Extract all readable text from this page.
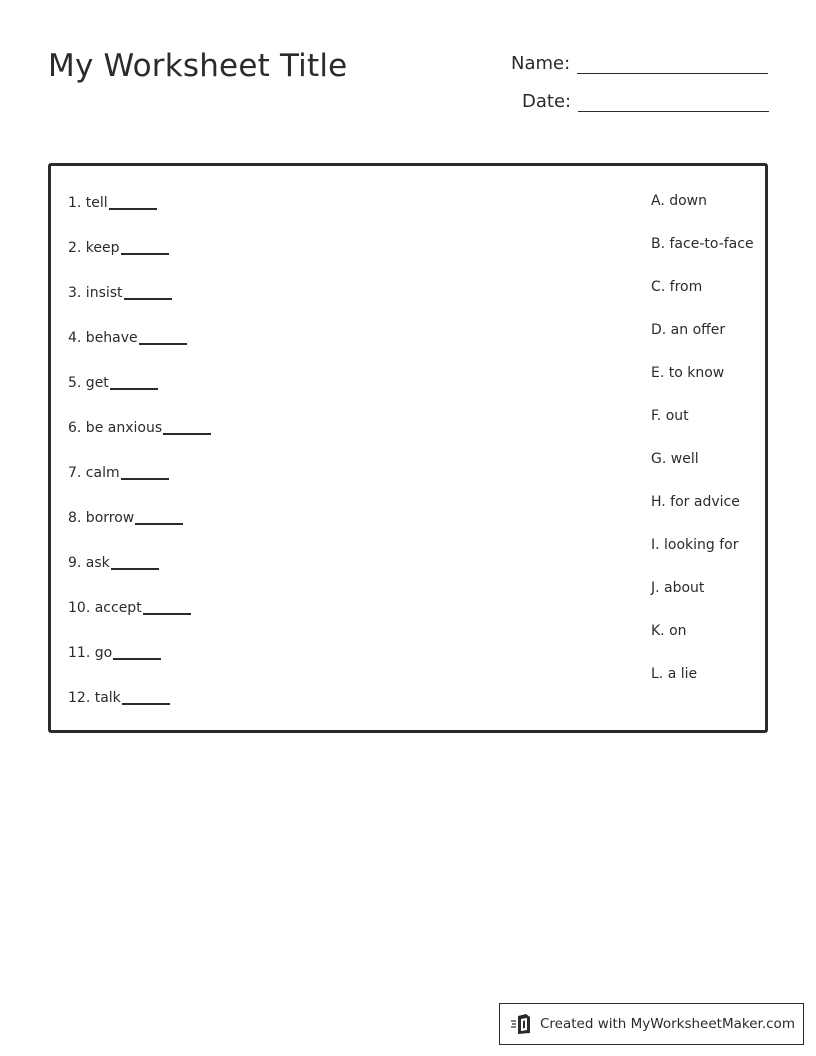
My Worksheet Title	Name:
Date:
1. tell
2. keep
3. insist
4. behave
5. get
6. be anxious
7. calm
8. borrow
9. ask
10. accept
11. go
12. talk
A. down
B. face-to-face
C. from
D. an offer
E. to know
F. out
G. well
H. for advice
I. looking for
J. about
K. on
L. a lie
Created with MyWorksheetMaker.com
